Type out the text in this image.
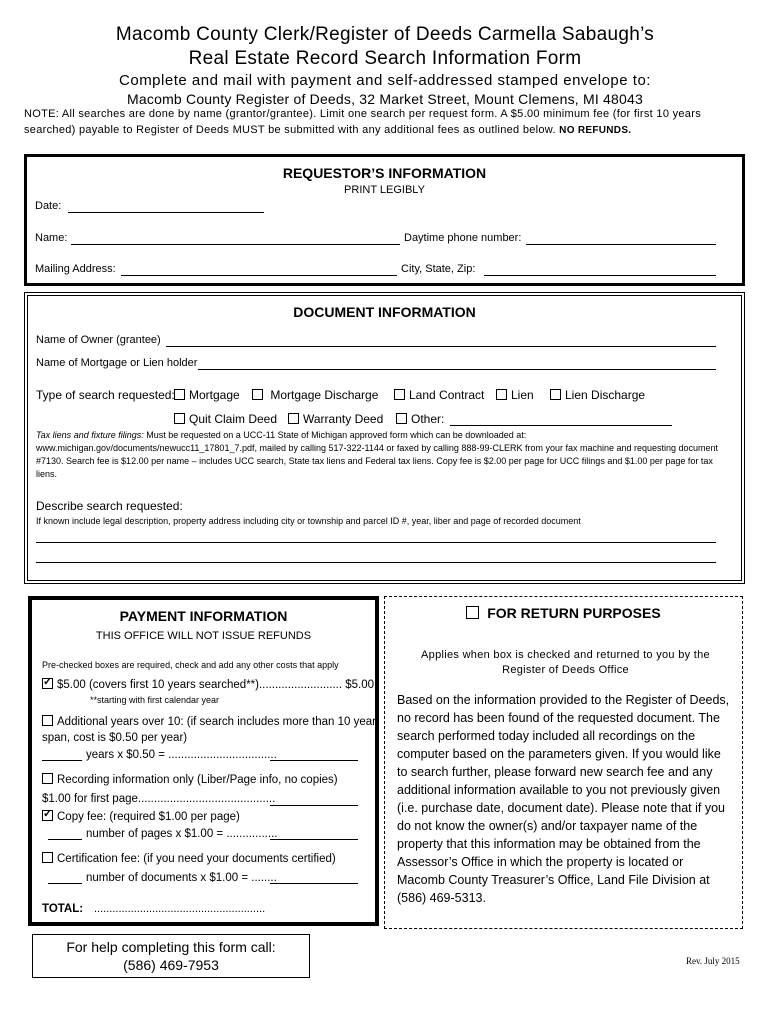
Macomb County Clerk/Register of Deeds Carmella Sabaugh’s
Real Estate Record Search Information Form
Complete and mail with payment and self-addressed stamped envelope to:
Macomb County Register of Deeds, 32 Market Street, Mount Clemens, MI 48043
NOTE: All searches are done by name (grantor/grantee). Limit one search per request form. A $5.00 minimum fee (for first 10 years searched) payable to Register of Deeds MUST be submitted with any additional fees as outlined below. NO REFUNDS.
REQUESTOR’S INFORMATION
PRINT LEGIBLY
Date:
Name:	Daytime phone number:
Mailing Address:	City, State, Zip:
DOCUMENT INFORMATION
Name of Owner (grantee)
Name of Mortgage or Lien holder
Type of search requested:	Mortgage	Mortgage Discharge	Land Contract	Lien	Lien Discharge
Quit Claim Deed	Warranty Deed	Other:
Tax liens and fixture filings: Must be requested on a UCC-11 State of Michigan approved form which can be downloaded at: www.michigan.gov/documents/newucc11_17801_7.pdf, mailed by calling 517-322-1144 or faxed by calling 888-99-CLERK from your fax machine and requesting document #7130. Search fee is $12.00 per name – includes UCC search, State tax liens and Federal tax liens. Copy fee is $2.00 per page for UCC filings and $1.00 per page for tax liens.
Describe search requested:
If known include legal description, property address including city or township and parcel ID #, year, liber and page of recorded document
PAYMENT INFORMATION
THIS OFFICE WILL NOT ISSUE REFUNDS
Pre-checked boxes are required, check and add any other costs that apply
✓$5.00 (covers first 10 years searched**).......................... $5.00
**starting with first calendar year
Additional years over 10: (if search includes more than 10 year
span, cost is $0.50 per year)
years x $0.50 = ..................................
Recording information only (Liber/Page info, no copies)
$1.00 for first page...........................................
✓Copy fee: (required $1.00 per page)
number of pages x $1.00 = ................
Certification fee: (if you need your documents certified)
number of documents x $1.00 = ........
TOTAL: ........................................................
FOR RETURN PURPOSES
Applies when box is checked and returned to you by the Register of Deeds Office
Based on the information provided to the Register of Deeds, no record has been found of the requested document. The search performed today included all recordings on the computer based on the parameters given. If you would like to search further, please forward new search fee and any additional information available to you not previously given (i.e. purchase date, document date). Please note that if you do not know the owner(s) and/or taxpayer name of the property that this information may be obtained from the Assessor’s Office in which the property is located or Macomb County Treasurer’s Office, Land File Division at (586) 469-5313.
For help completing this form call:
(586) 469-7953	Rev. July 2015
